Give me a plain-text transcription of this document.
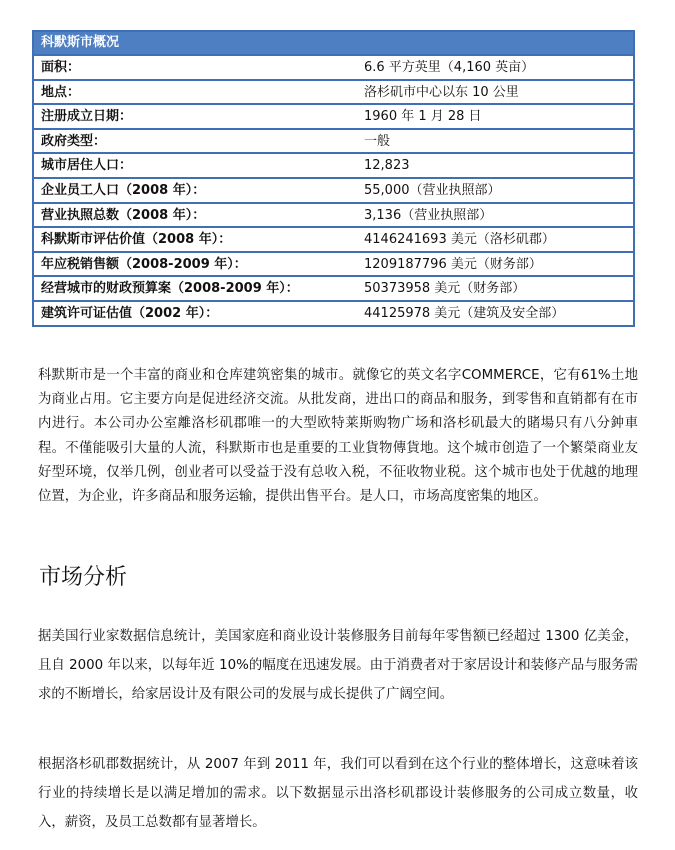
科默斯市概况
面积：	6.6 平方英里（4,160 英亩）
地点：	洛杉矶市中心以东 10 公里
注册成立日期：	1960 年 1 月 28 日
政府类型：	一般
城市居住人口：	12,823
企业员工人口（2008 年）：	55,000（营业执照部）
营业执照总数（2008 年）：	3,136（营业执照部）
科默斯市评估价值（2008 年）：	4146241693 美元（洛杉矶郡）
年应税销售额（2008-2009 年）：	1209187796 美元（财务部）
经营城市的财政预算案（2008-2009 年）：	50373958 美元（财务部）
建筑许可证估值（2002 年）：	44125978 美元（建筑及安全部）

科默斯市是一个丰富的商业和仓库建筑密集的城市。就像它的英文名字COMMERCE，它有61%土地为商业占用。它主要方向是促进经济交流。从批发商，进出口的商品和服务，到零售和直销都有在市内进行。本公司办公室離洛杉矶郡唯一的大型欧特莱斯购物广场和洛杉矶最大的賭場只有八分鈡車程。不僅能吸引大量的人流，科默斯市也是重要的工业貨物傳貨地。这个城市创造了一个繁榮商业友好型环境，仅举几例，创业者可以受益于没有总收入税，不征收物业税。这个城市也处于优越的地理位置，为企业，许多商品和服务运输，提供出售平台。是人口，市场高度密集的地区。

市场分析

据美国行业家数据信息统计，美国家庭和商业设计装修服务目前每年零售额已经超过 1300 亿美金，且自 2000 年以来，以每年近 10%的幅度在迅速发展。由于消费者对于家居设计和装修产品与服务需求的不断增长，给家居设计及有限公司的发展与成长提供了广阔空间。

根据洛杉矶郡数据统计，从 2007 年到 2011 年，我们可以看到在这个行业的整体增长，这意味着该行业的持续增长是以满足增加的需求。以下数据显示出洛杉矶郡设计装修服务的公司成立数量，收入，薪资，及员工总数都有显著增长。
